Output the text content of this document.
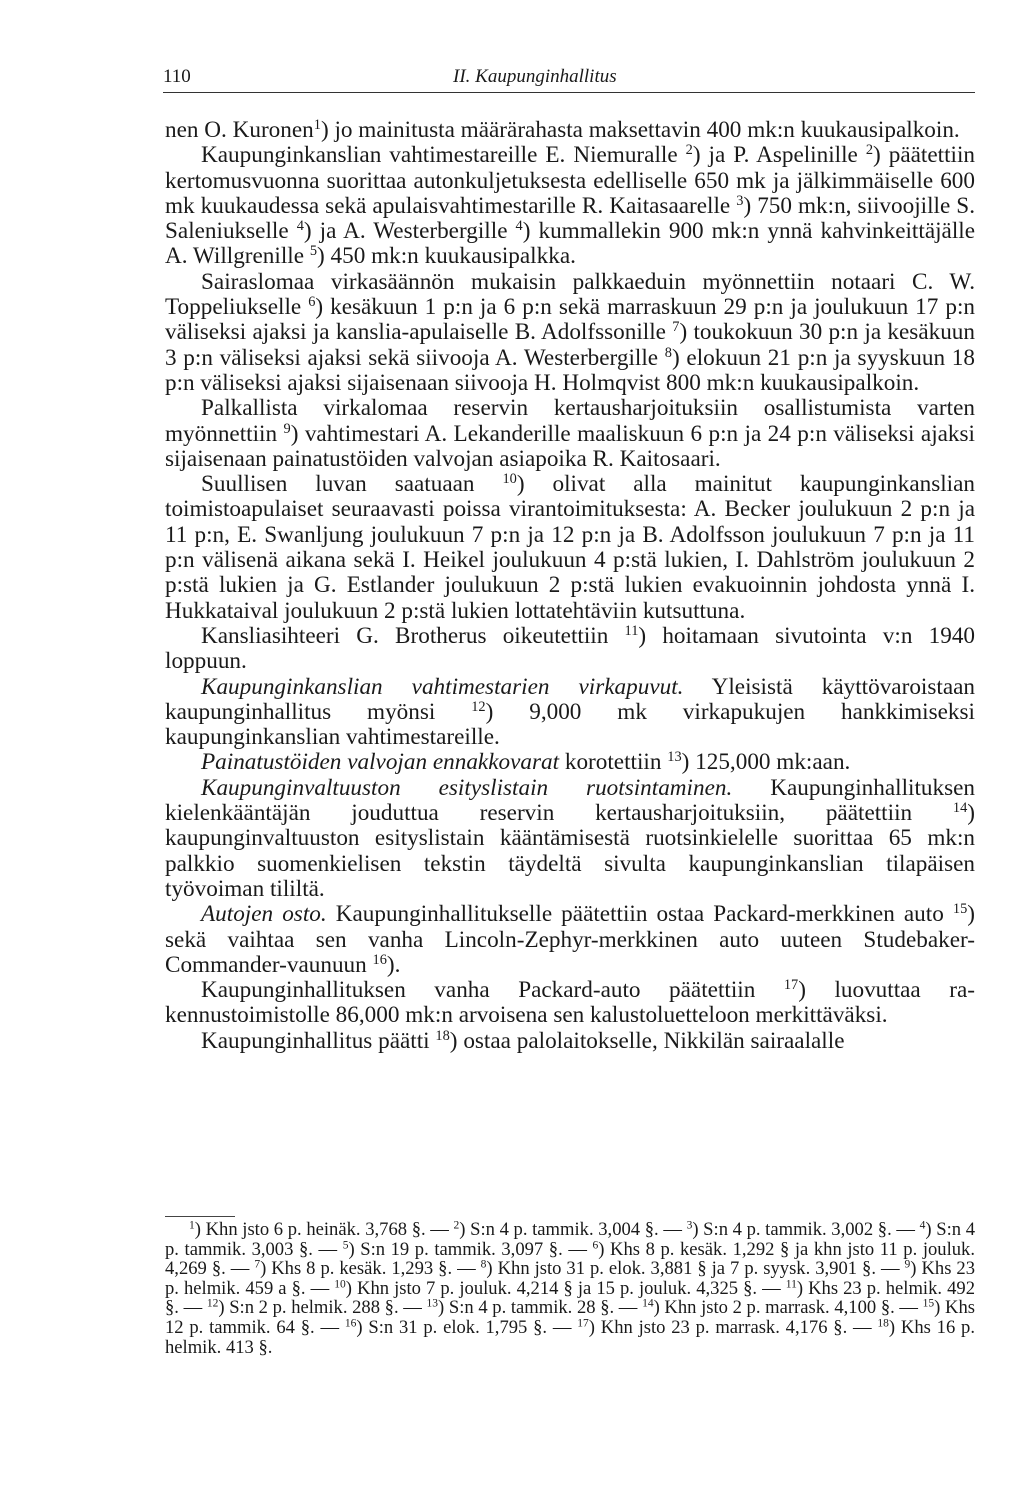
110	II. Kaupunginhallitus

nen O. Kuronen$^1$) jo mainitusta määrärahasta maksettavin 400 mk:n kuukausipalkoin.

Kaupunginkanslian vahtimestareille E. Niemuralle $^2$) ja P. Aspelinille $^2$) päätettiin kertomusvuonna suorittaa autonkuljetuksesta edelliselle 650 mk ja jälkimmäiselle 600 mk kuukaudessa sekä apulaisvahtimestarille R. Kaitasaarelle $^3$) 750 mk:n, siivoojille S. Saleniukselle $^4$) ja A. Westerbergille $^4$) kummallekin 900 mk:n ynnä kahvinkeittäjälle A. Willgrenille $^5$) 450 mk:n kuukausipalkka.

Sairaslomaa virkasäännön mukaisin palkkaeduin myönnettiin notaari C. W. Toppeliukselle $^6$) kesäkuun 1 p:n ja 6 p:n sekä marraskuun 29 p:n ja joulukuun 17 p:n väliseksi ajaksi ja kanslia-apulaiselle B. Adolfssonille $^7$) toukokuun 30 p:n ja kesäkuun 3 p:n väliseksi ajaksi sekä siivooja A. Westerbergille $^8$) elokuun 21 p:n ja syyskuun 18 p:n väliseksi ajaksi sijaisenaan siivooja H. Holmqvist 800 mk:n kuukausipalkoin.

Palkallista virkalomaa reservin kertausharjoituksiin osallistumista varten myönnettiin $^9$) vahtimestari A. Lekanderille maaliskuun 6 p:n ja 24 p:n väliseksi ajaksi sijaisenaan painatustöiden valvojan asiapoika R. Kaitosaari.

Suullisen luvan saatuaan $^{10}$) olivat alla mainitut kaupunginkanslian toimistoapulaiset seuraavasti poissa virantoimituksesta: A. Becker joulukuun 2 p:n ja 11 p:n, E. Swanljung joulukuun 7 p:n ja 12 p:n ja B. Adolfsson joulukuun 7 p:n ja 11 p:n välisenä aikana sekä I. Heikel joulukuun 4 p:stä lukien, I. Dahlström joulukuun 2 p:stä lukien ja G. Estlander joulukuun 2 p:stä lukien evakuoinnin johdosta ynnä I. Hukkataival joulukuun 2 p:stä lukien lottatehtäviin kutsuttuna.

Kansliasihteeri G. Brotherus oikeutettiin $^{11}$) hoitamaan sivutointa v:n 1940 loppuun.

Kaupunginkanslian vahtimestarien virkapuvut. Yleisistä käyttövaroistaan kaupunginhallitus myönsi $^{12}$) 9,000 mk virkapukujen hankkimiseksi kaupunginkanslian vahtimestareille.

Painatustöiden valvojan ennakkovarat korotettiin $^{13}$) 125,000 mk:aan.

Kaupunginvaltuuston esityslistain ruotsintaminen. Kaupunginhallituksen kielenkääntäjän jouduttua reservin kertausharjoituksiin, päätettiin $^{14}$) kaupunginvaltuuston esityslistain kääntämisestä ruotsinkielelle suorittaa 65 mk:n palkkio suomenkielisen tekstin täydeltä sivulta kaupunginkanslian tilapäisen työvoiman tililtä.

Autojen osto. Kaupunginhallitukselle päätettiin ostaa Packard-merkkinen auto $^{15}$) sekä vaihtaa sen vanha Lincoln-Zephyr-merkkinen auto uuteen Studebaker-Commander-vaunuun $^{16}$).

Kaupunginhallituksen vanha Packard-auto päätettiin $^{17}$) luovuttaa rakennustoimistolle 86,000 mk:n arvoisena sen kalustoluetteloon merkittäväksi.

Kaupunginhallitus päätti $^{18}$) ostaa palolaitokselle, Nikkilän sairaalalle

$^1$) Khn jsto 6 p. heinäk. 3,768 §. — $^2$) S:n 4 p. tammik. 3,004 §. — $^3$) S:n 4 p. tammik. 3,002 §. — $^4$) S:n 4 p. tammik. 3,003 §. — $^5$) S:n 19 p. tammik. 3,097 §. — $^6$) Khs 8 p. kesäk. 1,292 § ja khn jsto 11 p. jouluk. 4,269 §. — $^7$) Khs 8 p. kesäk. 1,293 §. — $^8$) Khn jsto 31 p. elok. 3,881 § ja 7 p. syysk. 3,901 §. — $^9$) Khs 23 p. helmik. 459 a §. — $^{10}$) Khn jsto 7 p. jouluk. 4,214 § ja 15 p. jouluk. 4,325 §. — $^{11}$) Khs 23 p. helmik. 492 §. — $^{12}$) S:n 2 p. helmik. 288 §. — $^{13}$) S:n 4 p. tammik. 28 §. — $^{14}$) Khn jsto 2 p. marrask. 4,100 §. — $^{15}$) Khs 12 p. tammik. 64 §. — $^{16}$) S:n 31 p. elok. 1,795 §. — $^{17}$) Khn jsto 23 p. marrask. 4,176 §. — $^{18}$) Khs 16 p. helmik. 413 §.
